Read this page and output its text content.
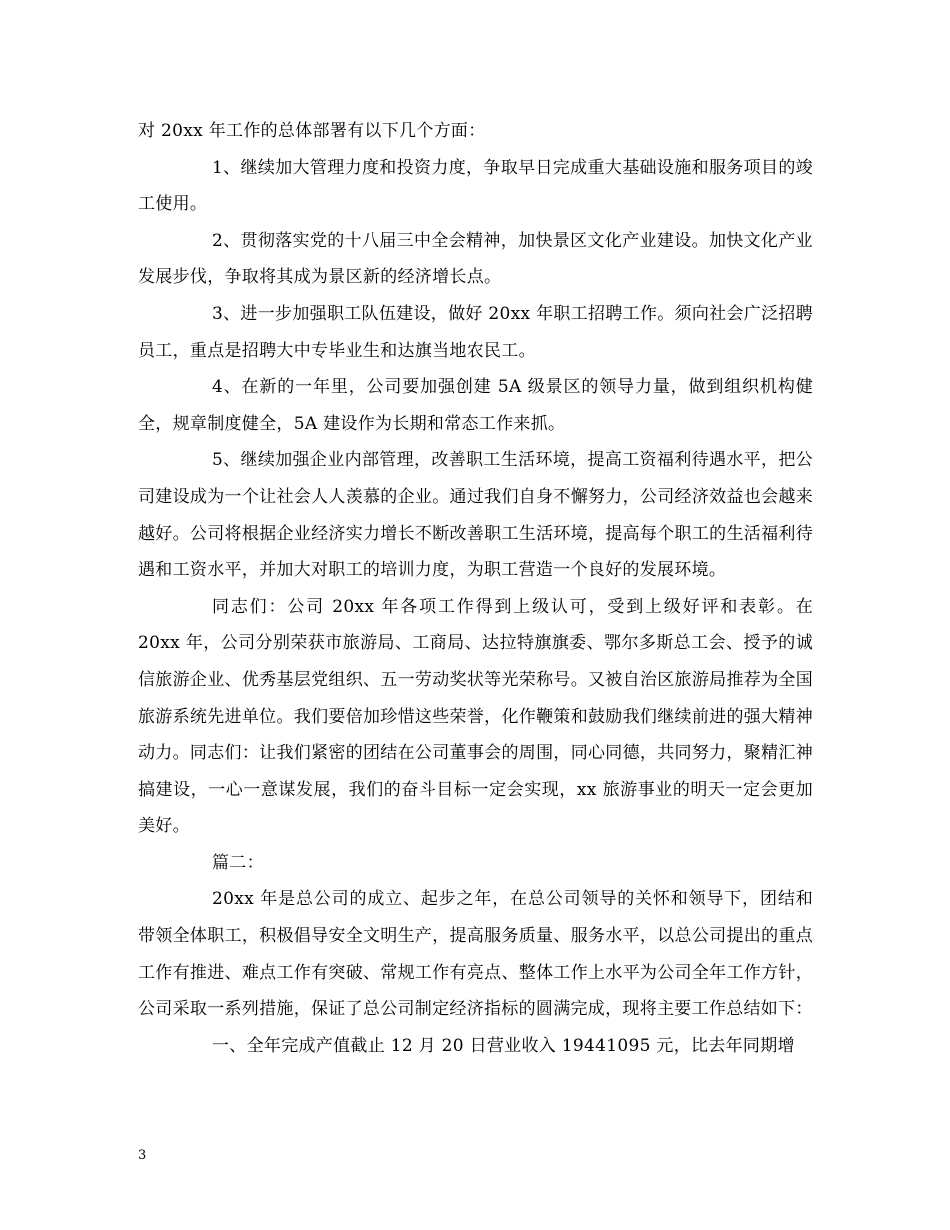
对 20xx 年工作的总体部署有以下几个方面：

1、继续加大管理力度和投资力度，争取早日完成重大基础设施和服务项目的竣工使用。

2、贯彻落实党的十八届三中全会精神，加快景区文化产业建设。加快文化产业发展步伐，争取将其成为景区新的经济增长点。

3、进一步加强职工队伍建设，做好 20xx 年职工招聘工作。须向社会广泛招聘员工，重点是招聘大中专毕业生和达旗当地农民工。

4、在新的一年里，公司要加强创建 5A 级景区的领导力量，做到组织机构健全，规章制度健全，5A 建设作为长期和常态工作来抓。

5、继续加强企业内部管理，改善职工生活环境，提高工资福利待遇水平，把公司建设成为一个让社会人人羡慕的企业。通过我们自身不懈努力，公司经济效益也会越来越好。公司将根据企业经济实力增长不断改善职工生活环境，提高每个职工的生活福利待遇和工资水平，并加大对职工的培训力度，为职工营造一个良好的发展环境。

同志们：公司 20xx 年各项工作得到上级认可，受到上级好评和表彰。在 20xx 年，公司分别荣获市旅游局、工商局、达拉特旗旗委、鄂尔多斯总工会、授予的诚信旅游企业、优秀基层党组织、五一劳动奖状等光荣称号。又被自治区旅游局推荐为全国旅游系统先进单位。我们要倍加珍惜这些荣誉，化作鞭策和鼓励我们继续前进的强大精神动力。同志们：让我们紧密的团结在公司董事会的周围，同心同德，共同努力，聚精汇神搞建设，一心一意谋发展，我们的奋斗目标一定会实现，xx 旅游事业的明天一定会更加美好。

篇二：

20xx 年是总公司的成立、起步之年，在总公司领导的关怀和领导下，团结和带领全体职工，积极倡导安全文明生产，提高服务质量、服务水平，以总公司提出的重点工作有推进、难点工作有突破、常规工作有亮点、整体工作上水平为公司全年工作方针，公司采取一系列措施，保证了总公司制定经济指标的圆满完成，现将主要工作总结如下：

一、全年完成产值截止 12 月 20 日营业收入 19441095 元，比去年同期增

3
